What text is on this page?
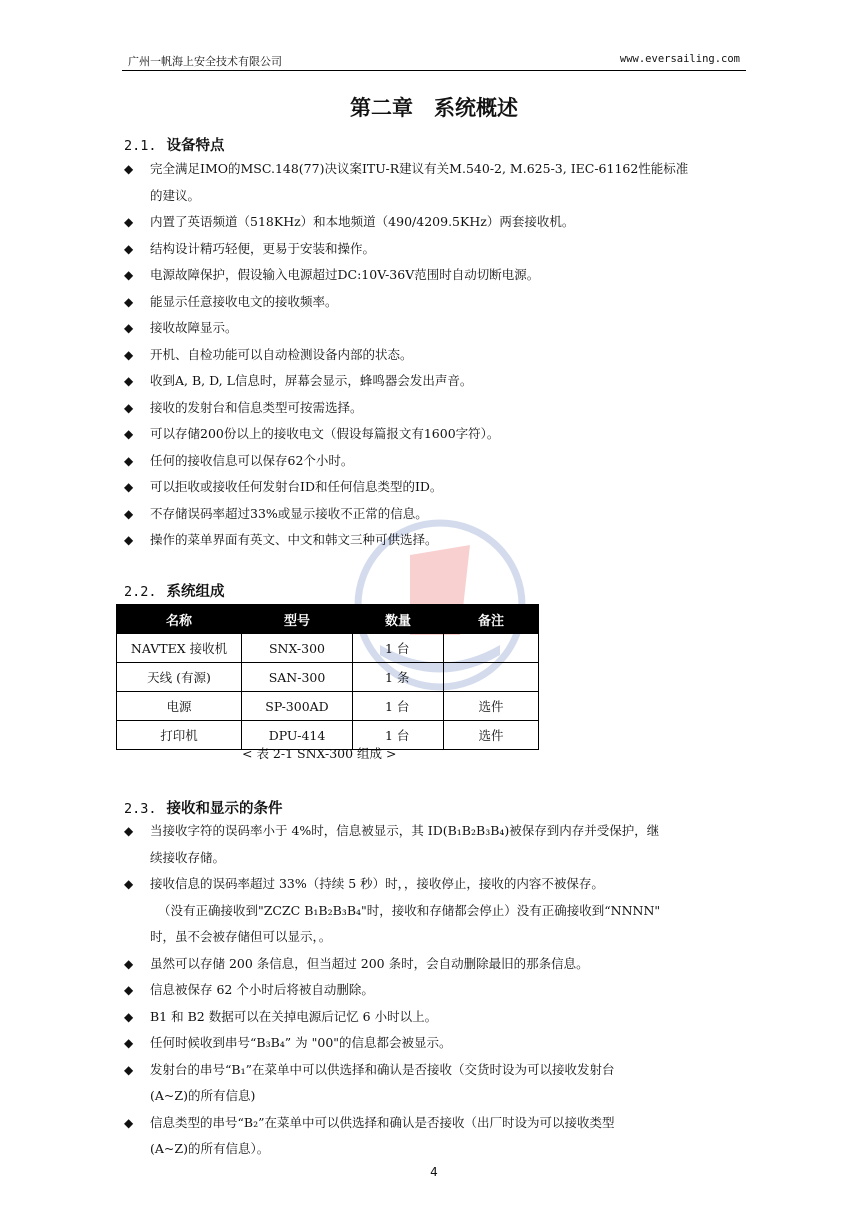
广州一帆海上安全技术有限公司	www.eversailing.com
第二章　系统概述
2.1. 设备特点
◆ 完全满足IMO的MSC.148(77)决议案ITU-R建议有关M.540-2, M.625-3, IEC-61162性能标准
的建议。
◆ 内置了英语频道（518KHz）和本地频道（490/4209.5KHz）两套接收机。
◆ 结构设计精巧轻便，更易于安装和操作。
◆ 电源故障保护，假设输入电源超过DC:10V-36V范围时自动切断电源。
◆ 能显示任意接收电文的接收频率。
◆ 接收故障显示。
◆ 开机、自检功能可以自动检测设备内部的状态。
◆ 收到A, B, D, L信息时，屏幕会显示，蜂鸣器会发出声音。
◆ 接收的发射台和信息类型可按需选择。
◆ 可以存储200份以上的接收电文（假设每篇报文有1600字符）。
◆ 任何的接收信息可以保存62个小时。
◆ 可以拒收或接收任何发射台ID和任何信息类型的ID。
◆ 不存储误码率超过33%或显示接收不正常的信息。
◆ 操作的菜单界面有英文、中文和韩文三种可供选择。
2.2. 系统组成
名称	型号	数量	备注
NAVTEX 接收机	SNX-300	1 台	
天线 (有源)	SAN-300	1 条	
电源	SP-300AD	1 台	选件
打印机	DPU-414	1 台	选件
< 表 2-1 SNX-300 组成 >
2.3. 接收和显示的条件
◆ 当接收字符的误码率小于 4%时，信息被显示，其 ID(B₁B₂B₃B₄)被保存到内存并受保护，继
续接收存储。
◆ 接收信息的误码率超过 33%（持续 5 秒）时，，接收停止，接收的内容不被保存。
（没有正确接收到"ZCZC B₁B₂B₃B₄"时，接收和存储都会停止）没有正确接收到“NNNN"
时，虽不会被存储但可以显示，。
◆ 虽然可以存储 200 条信息，但当超过 200 条时，会自动删除最旧的那条信息。
◆ 信息被保存 62 个小时后将被自动删除。
◆ B1 和 B2 数据可以在关掉电源后记忆 6 小时以上。
◆ 任何时候收到串号“B₃B₄” 为 "00"的信息都会被显示。
◆ 发射台的串号“B₁”在菜单中可以供选择和确认是否接收（交货时设为可以接收发射台
(A~Z)的所有信息)
◆ 信息类型的串号“B₂”在菜单中可以供选择和确认是否接收（出厂时设为可以接收类型
(A~Z)的所有信息）。
4
